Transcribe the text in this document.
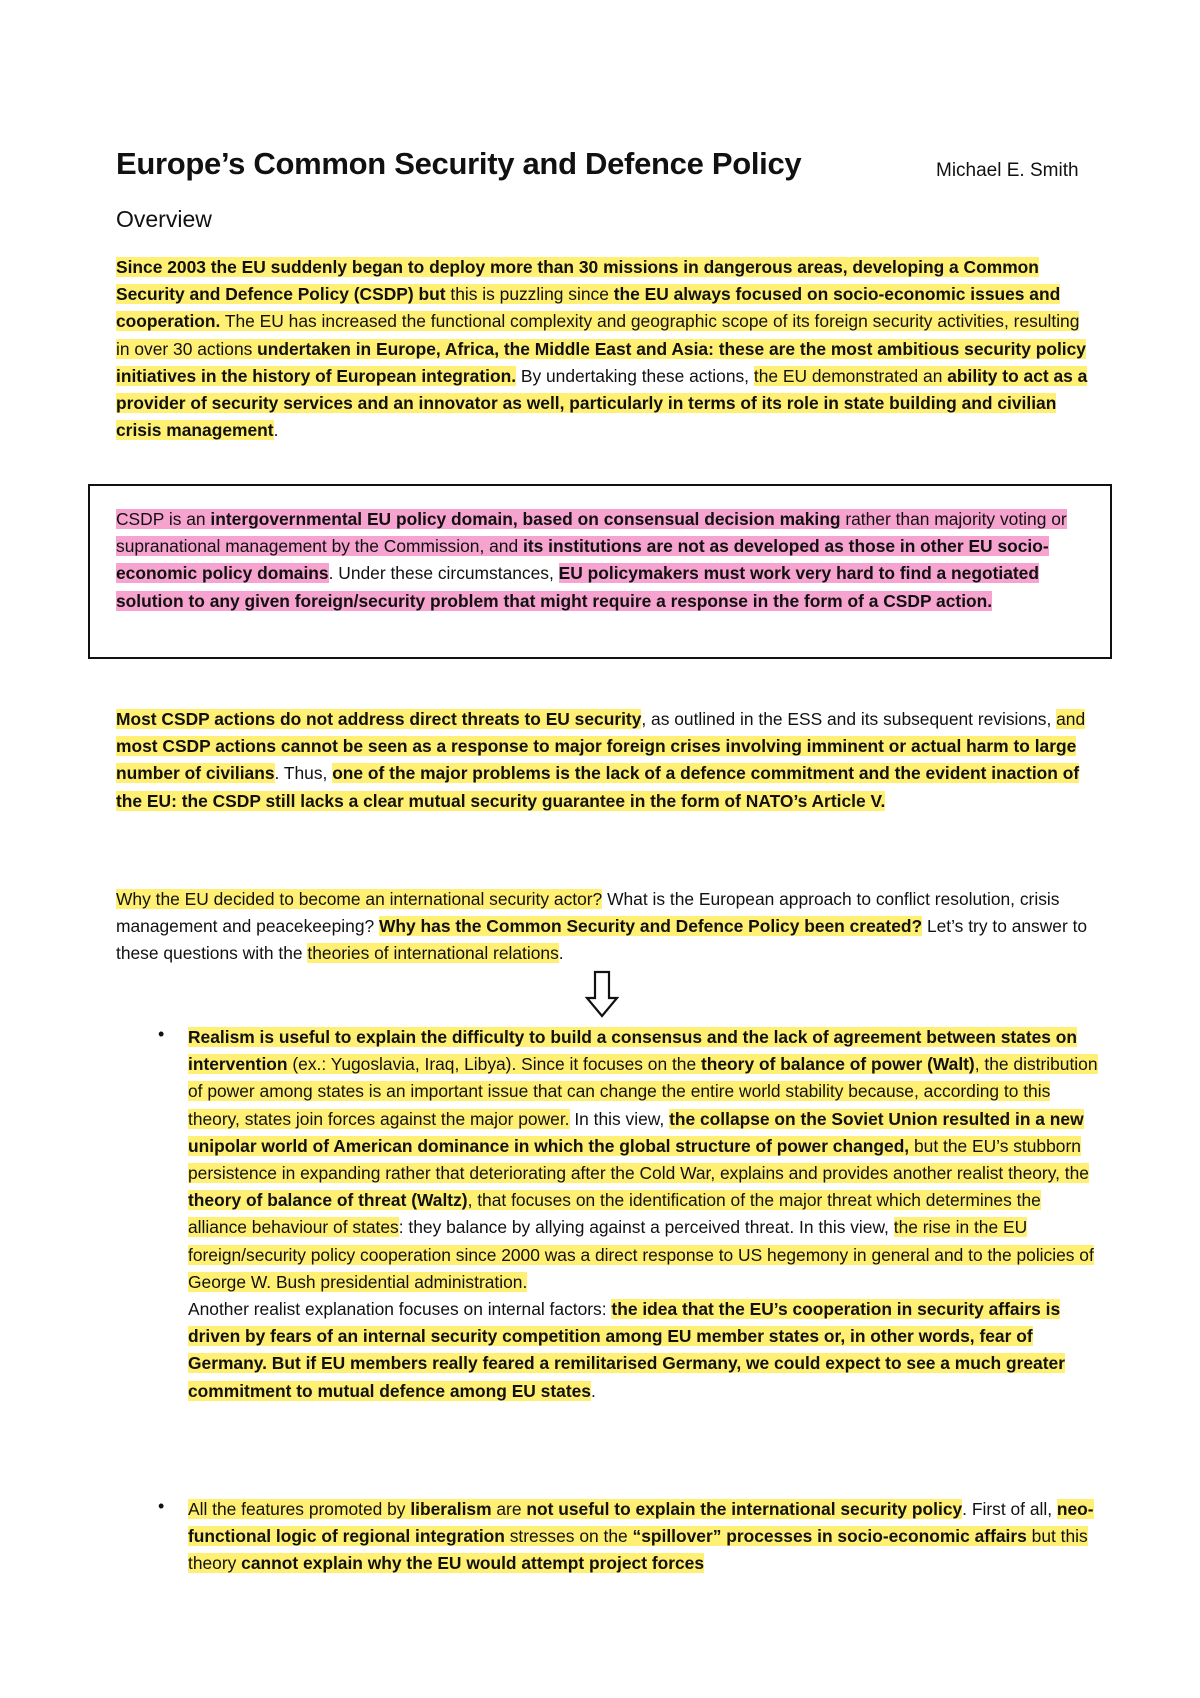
Europe’s Common Security and Defence Policy	Michael E. Smith
Overview

Since 2003 the EU suddenly began to deploy more than 30 missions in dangerous areas, developing a Common Security and Defence Policy (CSDP) but this is puzzling since the EU always focused on socio-economic issues and cooperation. The EU has increased the functional complexity and geographic scope of its foreign security activities, resulting in over 30 actions undertaken in Europe, Africa, the Middle East and Asia: these are the most ambitious security policy initiatives in the history of European integration. By undertaking these actions, the EU demonstrated an ability to act as a provider of security services and an innovator as well, particularly in terms of its role in state building and civilian crisis management.

CSDP is an intergovernmental EU policy domain, based on consensual decision making rather than majority voting or supranational management by the Commission, and its institutions are not as developed as those in other EU socio-economic policy domains. Under these circumstances, EU policymakers must work very hard to find a negotiated solution to any given foreign/security problem that might require a response in the form of a CSDP action.

Most CSDP actions do not address direct threats to EU security, as outlined in the ESS and its subsequent revisions, and most CSDP actions cannot be seen as a response to major foreign crises involving imminent or actual harm to large number of civilians. Thus, one of the major problems is the lack of a defence commitment and the evident inaction of the EU: the CSDP still lacks a clear mutual security guarantee in the form of NATO’s Article V.

Why the EU decided to become an international security actor? What is the European approach to conflict resolution, crisis management and peacekeeping? Why has the Common Security and Defence Policy been created? Let’s try to answer to these questions with the theories of international relations.

• Realism is useful to explain the difficulty to build a consensus and the lack of agreement between states on intervention (ex.: Yugoslavia, Iraq, Libya). Since it focuses on the theory of balance of power (Walt), the distribution of power among states is an important issue that can change the entire world stability because, according to this theory, states join forces against the major power. In this view, the collapse on the Soviet Union resulted in a new unipolar world of American dominance in which the global structure of power changed, but the EU’s stubborn persistence in expanding rather that deteriorating after the Cold War, explains and provides another realist theory, the theory of balance of threat (Waltz), that focuses on the identification of the major threat which determines the alliance behaviour of states: they balance by allying against a perceived threat. In this view, the rise in the EU foreign/security policy cooperation since 2000 was a direct response to US hegemony in general and to the policies of George W. Bush presidential administration.

Another realist explanation focuses on internal factors: the idea that the EU’s cooperation in security affairs is driven by fears of an internal security competition among EU member states or, in other words, fear of Germany. But if EU members really feared a remilitarised Germany, we could expect to see a much greater commitment to mutual defence among EU states.

• All the features promoted by liberalism are not useful to explain the international security policy. First of all, neo-functional logic of regional integration stresses on the “spillover” processes in socio-economic affairs but this theory cannot explain why the EU would attempt project forces
